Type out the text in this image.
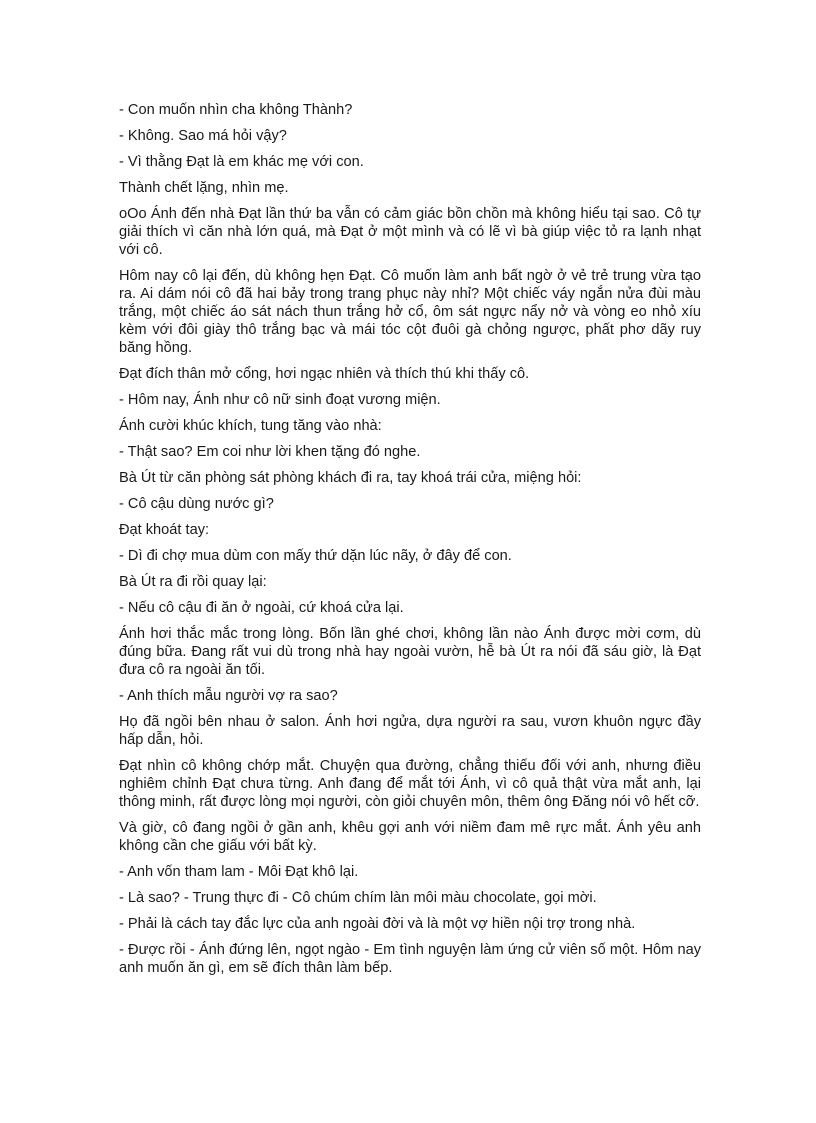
- Con muốn nhìn cha không Thành?

- Không. Sao má hỏi vậy?

- Vì thằng Đạt là em khác mẹ với con.

Thành chết lặng, nhìn mẹ.

oOo Ánh đến nhà Đạt lần thứ ba vẫn có cảm giác bồn chồn mà không hiểu tại sao. Cô tự giải thích vì căn nhà lớn quá, mà Đạt ở một mình và có lẽ vì bà giúp việc tỏ ra lạnh nhạt với cô.

Hôm nay cô lại đến, dù không hẹn Đạt. Cô muốn làm anh bất ngờ ở vẻ trẻ trung vừa tạo ra. Ai dám nói cô đã hai bảy trong trang phục này nhỉ? Một chiếc váy ngắn nửa đùi màu trắng, một chiếc áo sát nách thun trắng hở cổ, ôm sát ngực nẩy nở và vòng eo nhỏ xíu kèm với đôi giày thô trắng bạc và mái tóc cột đuôi gà chỏng ngược, phất phơ dãy ruy băng hồng.

Đạt đích thân mở cổng, hơi ngạc nhiên và thích thú khi thấy cô.

- Hôm nay, Ánh như cô nữ sinh đoạt vương miện.

Ánh cười khúc khích, tung tăng vào nhà:

- Thật sao? Em coi như lời khen tặng đó nghe.

Bà Út từ căn phòng sát phòng khách đi ra, tay khoá trái cửa, miệng hỏi:

- Cô cậu dùng nước gì?

Đạt khoát tay:

- Dì đi chợ mua dùm con mấy thứ dặn lúc nãy, ở đây để con.

Bà Út ra đi rồi quay lại:

- Nếu cô cậu đi ăn ở ngoài, cứ khoá cửa lại.

Ánh hơi thắc mắc trong lòng. Bốn lần ghé chơi, không lần nào Ánh được mời cơm, dù đúng bữa. Đang rất vui dù trong nhà hay ngoài vườn, hễ bà Út ra nói đã sáu giờ, là Đạt đưa cô ra ngoài ăn tối.

- Anh thích mẫu người vợ ra sao?

Họ đã ngồi bên nhau ở salon. Ánh hơi ngửa, dựa người ra sau, vươn khuôn ngực đầy hấp dẫn, hỏi.

Đạt nhìn cô không chớp mắt. Chuyện qua đường, chẳng thiếu đối với anh, nhưng điều nghiêm chỉnh Đạt chưa từng. Anh đang để mắt tới Ánh, vì cô quả thật vừa mắt anh, lại thông minh, rất được lòng mọi người, còn giỏi chuyên môn, thêm ông Đăng nói vô hết cỡ.

Và giờ, cô đang ngồi ở gần anh, khêu gợi anh với niềm đam mê rực mắt. Ánh yêu anh không cần che giấu với bất kỳ.

- Anh vốn tham lam - Môi Đạt khô lại.

- Là sao? - Trung thực đi - Cô chúm chím làn môi màu chocolate, gọi mời.

- Phải là cách tay đắc lực của anh ngoài đời và là một vợ hiền nội trợ trong nhà.

- Được rồi - Ánh đứng lên, ngọt ngào - Em tình nguyện làm ứng cử viên số một. Hôm nay anh muốn ăn gì, em sẽ đích thân làm bếp.
